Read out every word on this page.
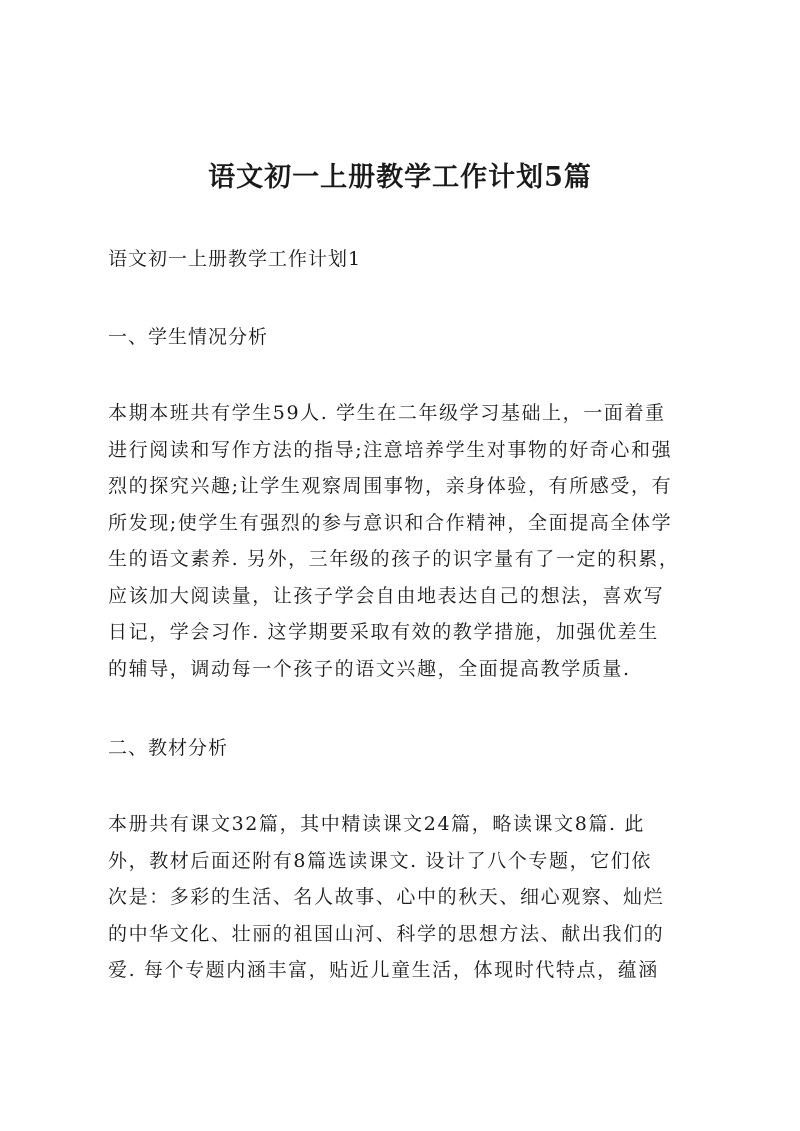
语文初一上册教学工作计划5篇

语文初一上册教学工作计划1

一、学生情况分析

本期本班共有学生59人. 学生在二年级学习基础上，一面着重
进行阅读和写作方法的指导;注意培养学生对事物的好奇心和强
烈的探究兴趣;让学生观察周围事物，亲身体验，有所感受，有
所发现;使学生有强烈的参与意识和合作精神，全面提高全体学
生的语文素养. 另外，三年级的孩子的识字量有了一定的积累，
应该加大阅读量，让孩子学会自由地表达自己的想法，喜欢写
日记，学会习作. 这学期要采取有效的教学措施，加强优差生
的辅导，调动每一个孩子的语文兴趣，全面提高教学质量.

二、教材分析

本册共有课文32篇，其中精读课文24篇，略读课文8篇. 此
外，教材后面还附有8篇选读课文. 设计了八个专题，它们依
次是：多彩的生活、名人故事、心中的秋天、细心观察、灿烂
的中华文化、壮丽的祖国山河、科学的思想方法、献出我们的
爱. 每个专题内涵丰富，贴近儿童生活，体现时代特点，蕴涵
